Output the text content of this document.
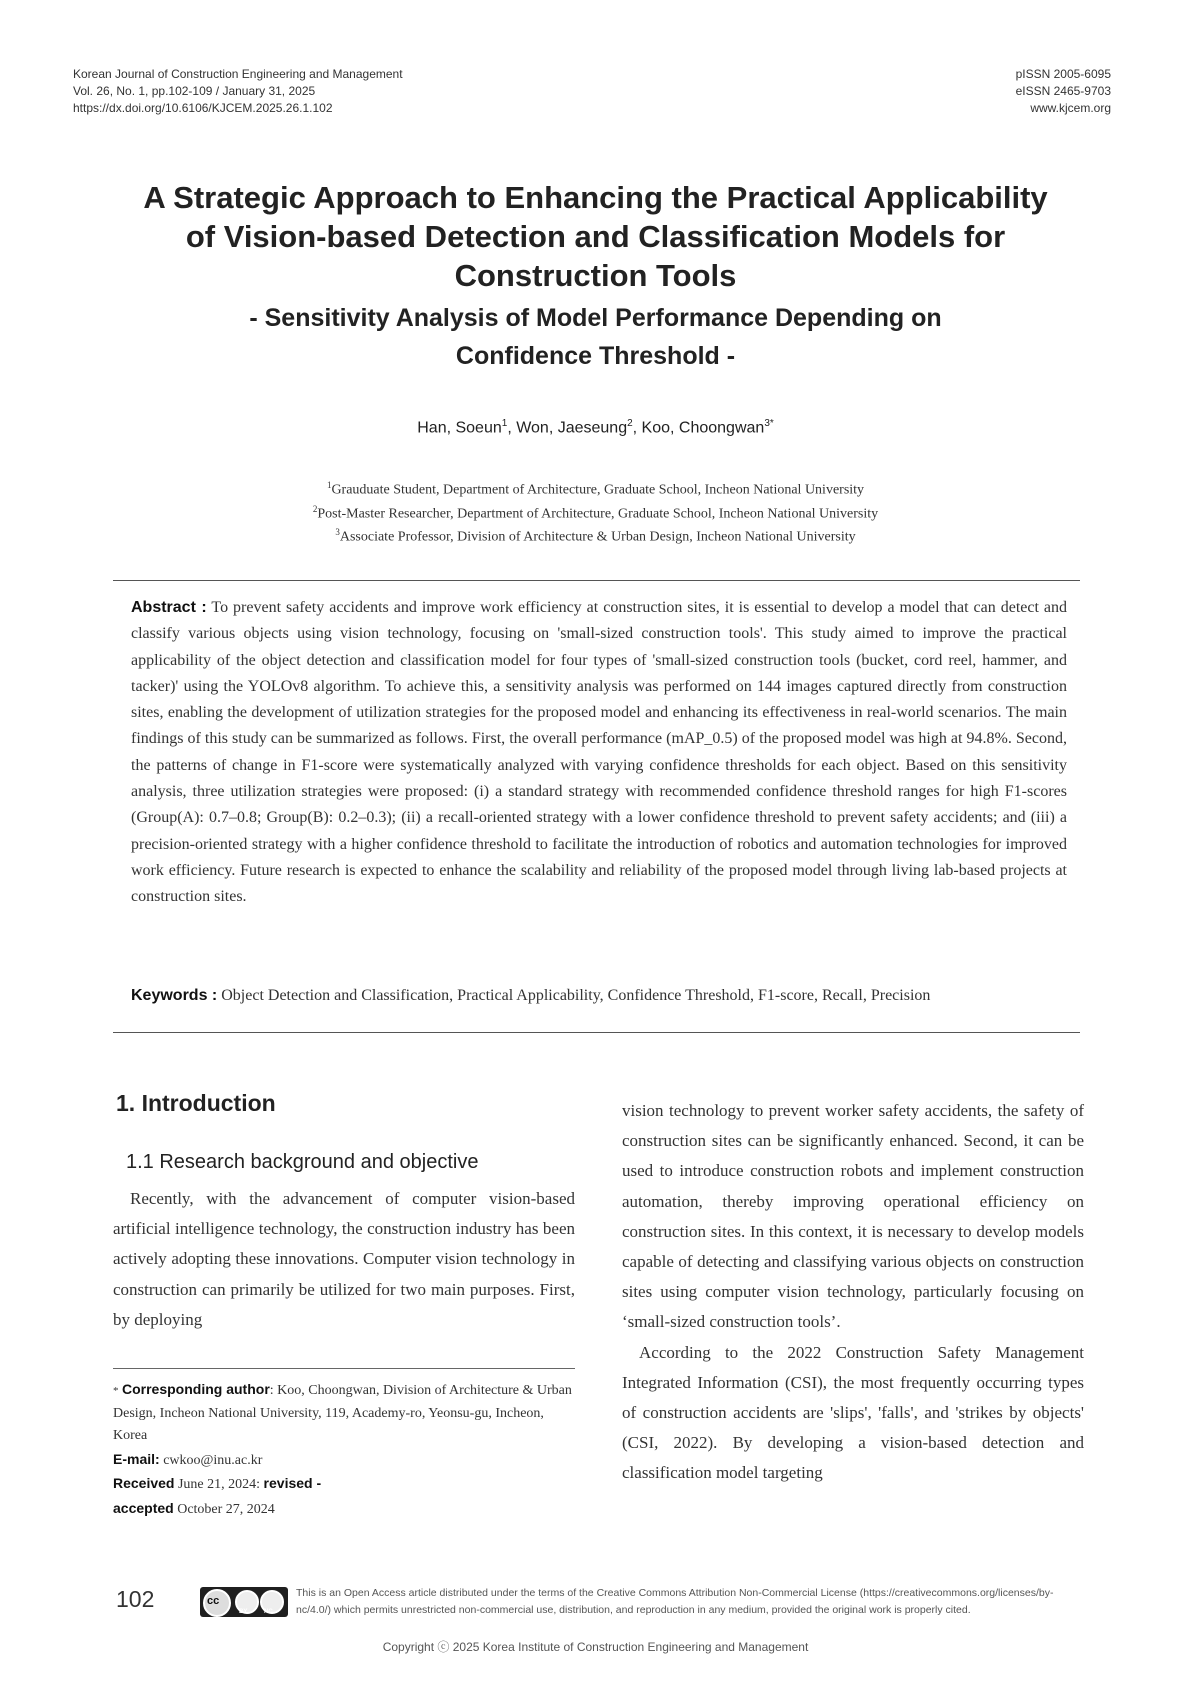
Korean Journal of Construction Engineering and Management
Vol. 26, No. 1, pp.102-109 / January 31, 2025
https://dx.doi.org/10.6106/KJCEM.2025.26.1.102
pISSN 2005-6095
eISSN 2465-9703
www.kjcem.org
A Strategic Approach to Enhancing the Practical Applicability
of Vision-based Detection and Classification Models for
Construction Tools
- Sensitivity Analysis of Model Performance Depending on
Confidence Threshold -
Han, Soeun$^1$, Won, Jaeseung$^2$, Koo, Choongwan$^{3*}$
$^1$Grauduate Student, Department of Architecture, Graduate School, Incheon National University
$^2$Post-Master Researcher, Department of Architecture, Graduate School, Incheon National University
$^3$Associate Professor, Division of Architecture & Urban Design, Incheon National University
Abstract : To prevent safety accidents and improve work efficiency at construction sites, it is essential to develop a model that can detect and classify various objects using vision technology, focusing on 'small-sized construction tools'. This study aimed to improve the practical applicability of the object detection and classification model for four types of 'small-sized construction tools (bucket, cord reel, hammer, and tacker)' using the YOLOv8 algorithm. To achieve this, a sensitivity analysis was performed on 144 images captured directly from construction sites, enabling the development of utilization strategies for the proposed model and enhancing its effectiveness in real-world scenarios. The main findings of this study can be summarized as follows. First, the overall performance (mAP_0.5) of the proposed model was high at 94.8%. Second, the patterns of change in F1-score were systematically analyzed with varying confidence thresholds for each object. Based on this sensitivity analysis, three utilization strategies were proposed: (i) a standard strategy with recommended confidence threshold ranges for high F1-scores (Group(A): 0.7–0.8; Group(B): 0.2–0.3); (ii) a recall-oriented strategy with a lower confidence threshold to prevent safety accidents; and (iii) a precision-oriented strategy with a higher confidence threshold to facilitate the introduction of robotics and automation technologies for improved work efficiency. Future research is expected to enhance the scalability and reliability of the proposed model through living lab-based projects at construction sites.
Keywords : Object Detection and Classification, Practical Applicability, Confidence Threshold, F1-score, Recall, Precision
1. Introduction
1.1 Research background and objective
Recently, with the advancement of computer vision-based artificial intelligence technology, the construction industry has been actively adopting these innovations. Computer vision technology in construction can primarily be utilized for two main purposes. First, by deploying
* Corresponding author: Koo, Choongwan, Division of Architecture & Urban Design, Incheon National University, 119, Academy-ro, Yeonsu-gu, Incheon, Korea
E-mail: cwkoo@inu.ac.kr
Received June 21, 2024: revised -
accepted October 27, 2024
vision technology to prevent worker safety accidents, the safety of construction sites can be significantly enhanced. Second, it can be used to introduce construction robots and implement construction automation, thereby improving operational efficiency on construction sites. In this context, it is necessary to develop models capable of detecting and classifying various objects on construction sites using computer vision technology, particularly focusing on ‘small-sized construction tools’.
According to the 2022 Construction Safety Management Integrated Information (CSI), the most frequently occurring types of construction accidents are 'slips', 'falls', and 'strikes by objects' (CSI, 2022). By developing a vision-based detection and classification model targeting
102	cc
BY	NC
This is an Open Access article distributed under the terms of the Creative Commons Attribution Non-Commercial License (https://creativecommons.org/licenses/by-nc/4.0/) which permits unrestricted non-commercial use, distribution, and reproduction in any medium, provided the original work is properly cited.
Copyright ⓒ 2025 Korea Institute of Construction Engineering and Management
